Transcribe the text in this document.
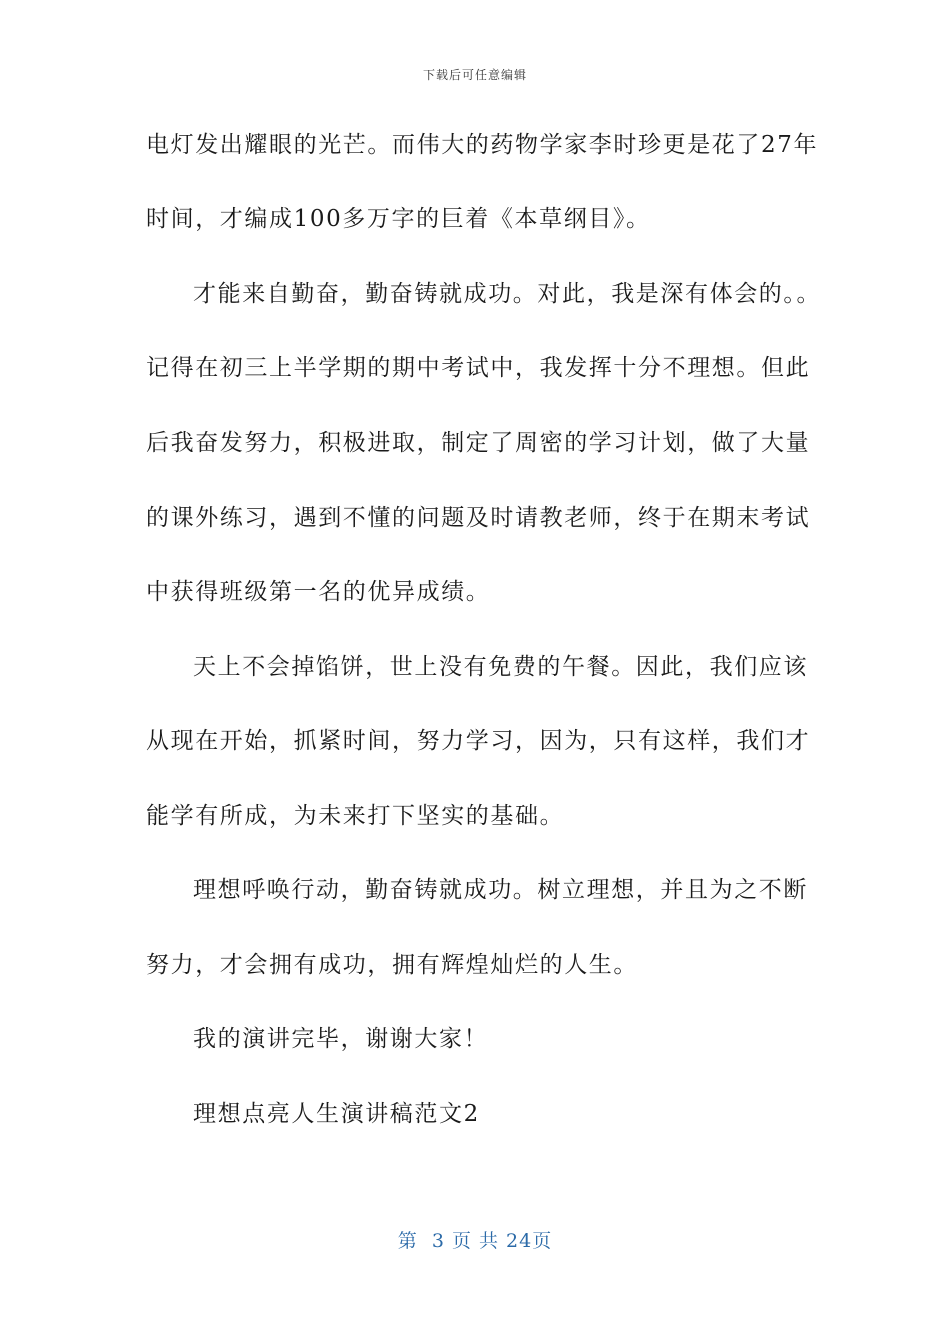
下载后可任意编辑
电灯发出耀眼的光芒。而伟大的药物学家李时珍更是花了27年
时间，才编成100多万字的巨着《本草纲目》。
才能来自勤奋，勤奋铸就成功。对此，我是深有体会的。。
记得在初三上半学期的期中考试中，我发挥十分不理想。但此
后我奋发努力，积极进取，制定了周密的学习计划，做了大量
的课外练习，遇到不懂的问题及时请教老师，终于在期末考试
中获得班级第一名的优异成绩。
天上不会掉馅饼，世上没有免费的午餐。因此，我们应该
从现在开始，抓紧时间，努力学习，因为，只有这样，我们才
能学有所成，为未来打下坚实的基础。
理想呼唤行动，勤奋铸就成功。树立理想，并且为之不断
努力，才会拥有成功，拥有辉煌灿烂的人生。
我的演讲完毕，谢谢大家！
理想点亮人生演讲稿范文2
第  3 页 共 24页
